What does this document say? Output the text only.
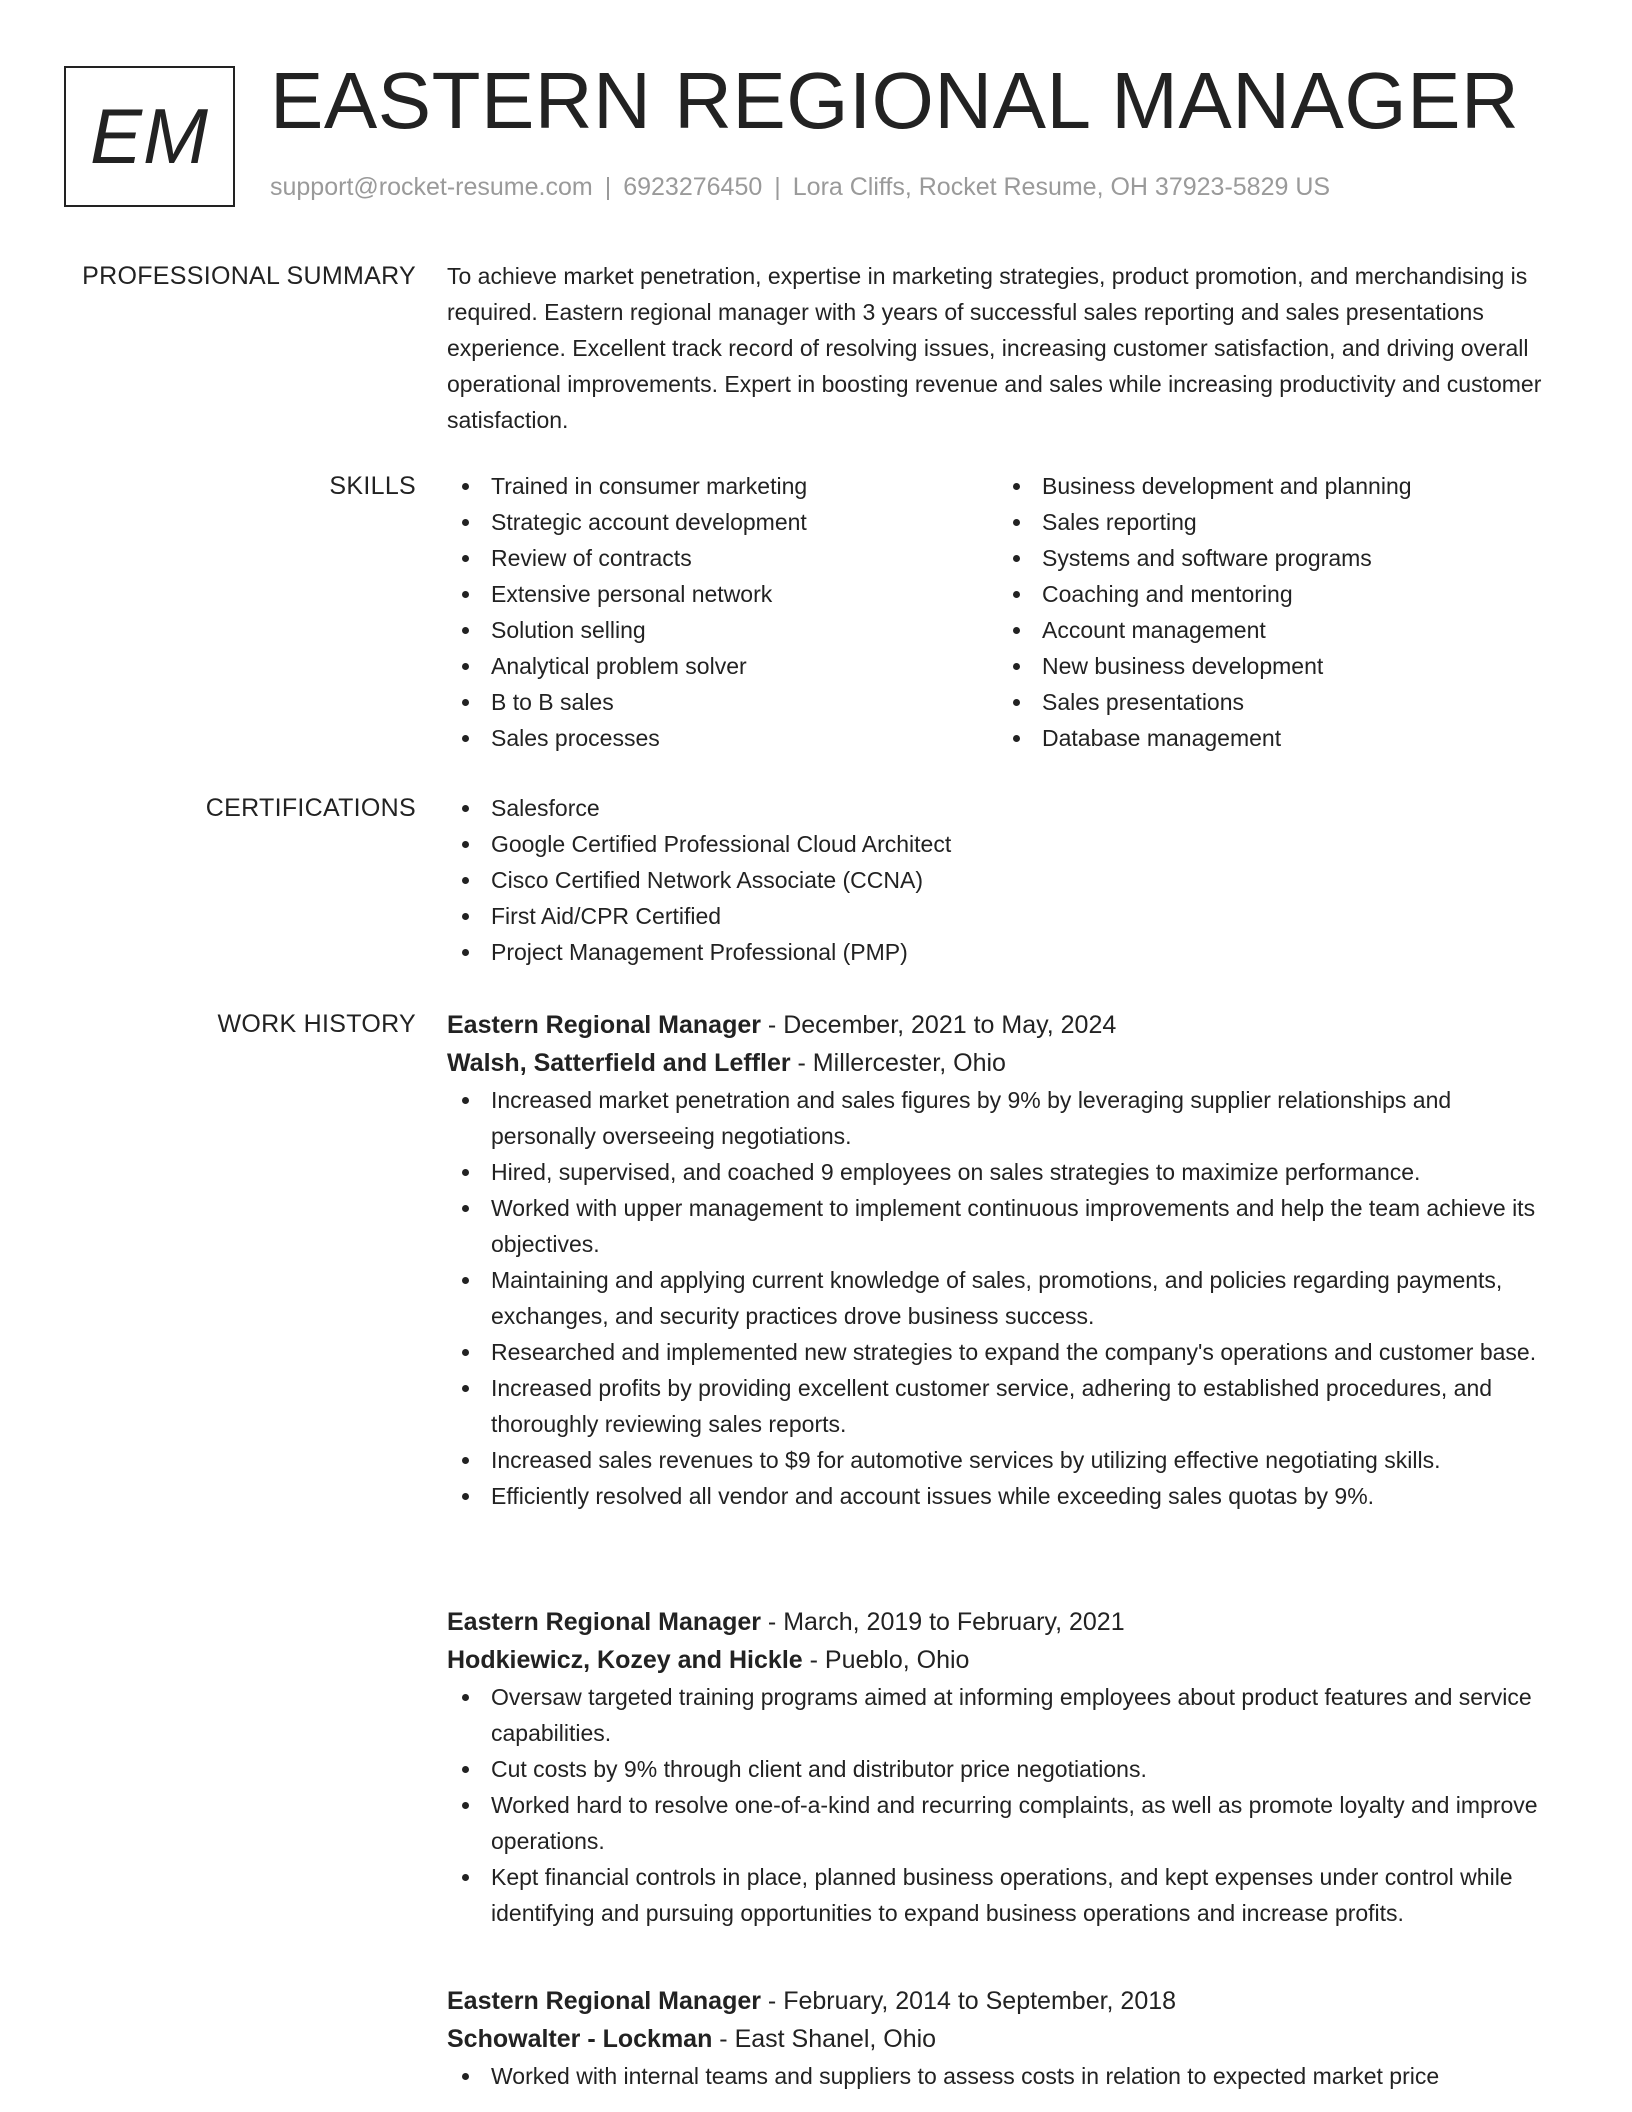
EM EASTERN REGIONAL MANAGER
support@rocket-resume.com | 6923276450 | Lora Cliffs, Rocket Resume, OH 37923-5829 US
PROFESSIONAL SUMMARY To achieve market penetration, expertise in marketing strategies, product promotion, and merchandising is required. Eastern regional manager with 3 years of successful sales reporting and sales presentations experience. Excellent track record of resolving issues, increasing customer satisfaction, and driving overall operational improvements. Expert in boosting revenue and sales while increasing productivity and customer satisfaction.

SKILLS	Trained in consumer marketing
Strategic account development
Review of contracts
Extensive personal network
Solution selling
Analytical problem solver
B to B sales
Sales processes
Business development and planning
Sales reporting
Systems and software programs
Coaching and mentoring
Account management
New business development
Sales presentations
Database management
CERTIFICATIONS	Salesforce
Google Certified Professional Cloud Architect
Cisco Certified Network Associate (CCNA)
First Aid/CPR Certified
Project Management Professional (PMP)
WORK HISTORY Eastern Regional Manager - December, 2021 to May, 2024
Walsh, Satterfield and Leffler - Millercester, Ohio
Increased market penetration and sales figures by 9% by leveraging supplier relationships and personally overseeing negotiations.
Hired, supervised, and coached 9 employees on sales strategies to maximize performance.
Worked with upper management to implement continuous improvements and help the team achieve its objectives.
Maintaining and applying current knowledge of sales, promotions, and policies regarding payments, exchanges, and security practices drove business success.
Researched and implemented new strategies to expand the company's operations and customer base.
Increased profits by providing excellent customer service, adhering to established procedures, and thoroughly reviewing sales reports.
Increased sales revenues to $9 for automotive services by utilizing effective negotiating skills.
Efficiently resolved all vendor and account issues while exceeding sales quotas by 9%.
Eastern Regional Manager - March, 2019 to February, 2021
Hodkiewicz, Kozey and Hickle - Pueblo, Ohio
Oversaw targeted training programs aimed at informing employees about product features and service capabilities.
Cut costs by 9% through client and distributor price negotiations.
Worked hard to resolve one-of-a-kind and recurring complaints, as well as promote loyalty and improve operations.
Kept financial controls in place, planned business operations, and kept expenses under control while identifying and pursuing opportunities to expand business operations and increase profits.
Eastern Regional Manager - February, 2014 to September, 2018
Schowalter - Lockman - East Shanel, Ohio
Worked with internal teams and suppliers to assess costs in relation to expected market price
